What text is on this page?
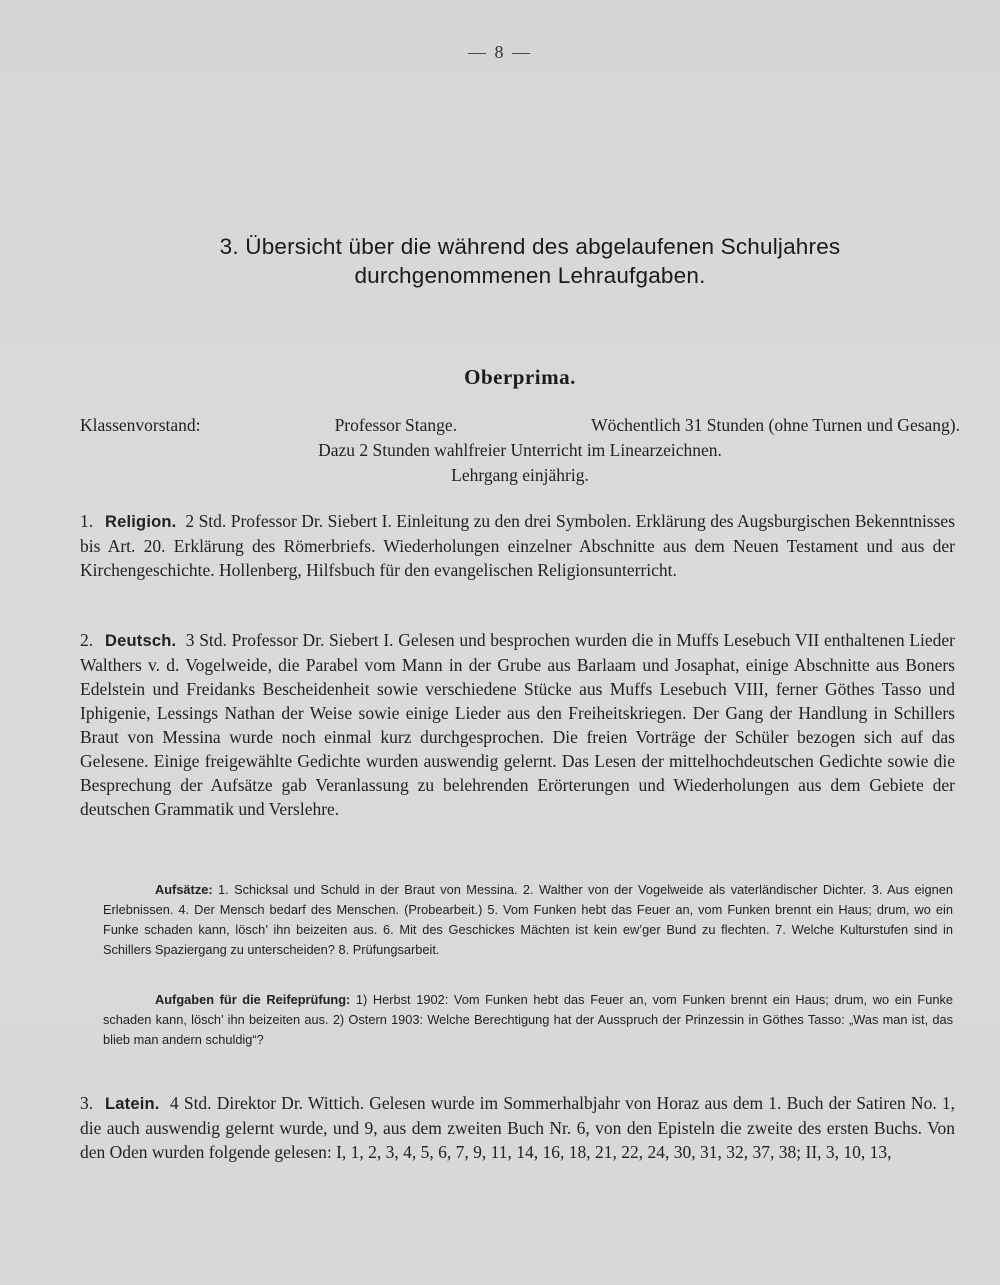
— 8 —
3. Übersicht über die während des abgelaufenen Schuljahres
durchgenommenen Lehraufgaben.
Oberprima.

Klassenvorstand:	Professor Stange.	Wöchentlich 31 Stunden (ohne Turnen und Gesang).

Dazu 2 Stunden wahlfreier Unterricht im Linearzeichnen.

Lehrgang einjährig.

1. Religion. 2 Std. Professor Dr. Siebert I. Einleitung zu den drei Symbolen. Erklärung des Augsburgischen Bekenntnisses bis Art. 20. Erklärung des Römerbriefs. Wiederholungen einzelner Abschnitte aus dem Neuen Testament und aus der Kirchengeschichte. Hollenberg, Hilfsbuch für den evangelischen Religionsunterricht.

2. Deutsch. 3 Std. Professor Dr. Siebert I. Gelesen und besprochen wurden die in Muffs Lesebuch VII enthaltenen Lieder Walthers v. d. Vogelweide, die Parabel vom Mann in der Grube aus Barlaam und Josaphat, einige Abschnitte aus Boners Edelstein und Freidanks Bescheidenheit sowie verschiedene Stücke aus Muffs Lesebuch VIII, ferner Göthes Tasso und Iphigenie, Lessings Nathan der Weise sowie einige Lieder aus den Freiheitskriegen. Der Gang der Handlung in Schillers Braut von Messina wurde noch einmal kurz durchgesprochen. Die freien Vorträge der Schüler bezogen sich auf das Gelesene. Einige freigewählte Gedichte wurden auswendig gelernt. Das Lesen der mittelhochdeutschen Gedichte sowie die Besprechung der Aufsätze gab Veranlassung zu belehrenden Erörterungen und Wiederholungen aus dem Gebiete der deutschen Grammatik und Verslehre.

Aufsätze: 1. Schicksal und Schuld in der Braut von Messina. 2. Walther von der Vogelweide als vaterländischer Dichter. 3. Aus eignen Erlebnissen. 4. Der Mensch bedarf des Menschen. (Probearbeit.) 5. Vom Funken hebt das Feuer an, vom Funken brennt ein Haus; drum, wo ein Funke schaden kann, lösch’ ihn beizeiten aus. 6. Mit des Geschickes Mächten ist kein ew’ger Bund zu flechten. 7. Welche Kulturstufen sind in Schillers Spaziergang zu unterscheiden? 8. Prüfungsarbeit.

Aufgaben für die Reifeprüfung: 1) Herbst 1902: Vom Funken hebt das Feuer an, vom Funken brennt ein Haus; drum, wo ein Funke schaden kann, lösch’ ihn beizeiten aus. 2) Ostern 1903: Welche Berechtigung hat der Ausspruch der Prinzessin in Göthes Tasso: „Was man ist, das blieb man andern schuldig“?

3. Latein. 4 Std. Direktor Dr. Wittich. Gelesen wurde im Sommerhalbjahr von Horaz aus dem 1. Buch der Satiren No. 1, die auch auswendig gelernt wurde, und 9, aus dem zweiten Buch Nr. 6, von den Episteln die zweite des ersten Buchs. Von den Oden wurden folgende gelesen: I, 1, 2, 3, 4, 5, 6, 7, 9, 11, 14, 16, 18, 21, 22, 24, 30, 31, 32, 37, 38; II, 3, 10, 13,
